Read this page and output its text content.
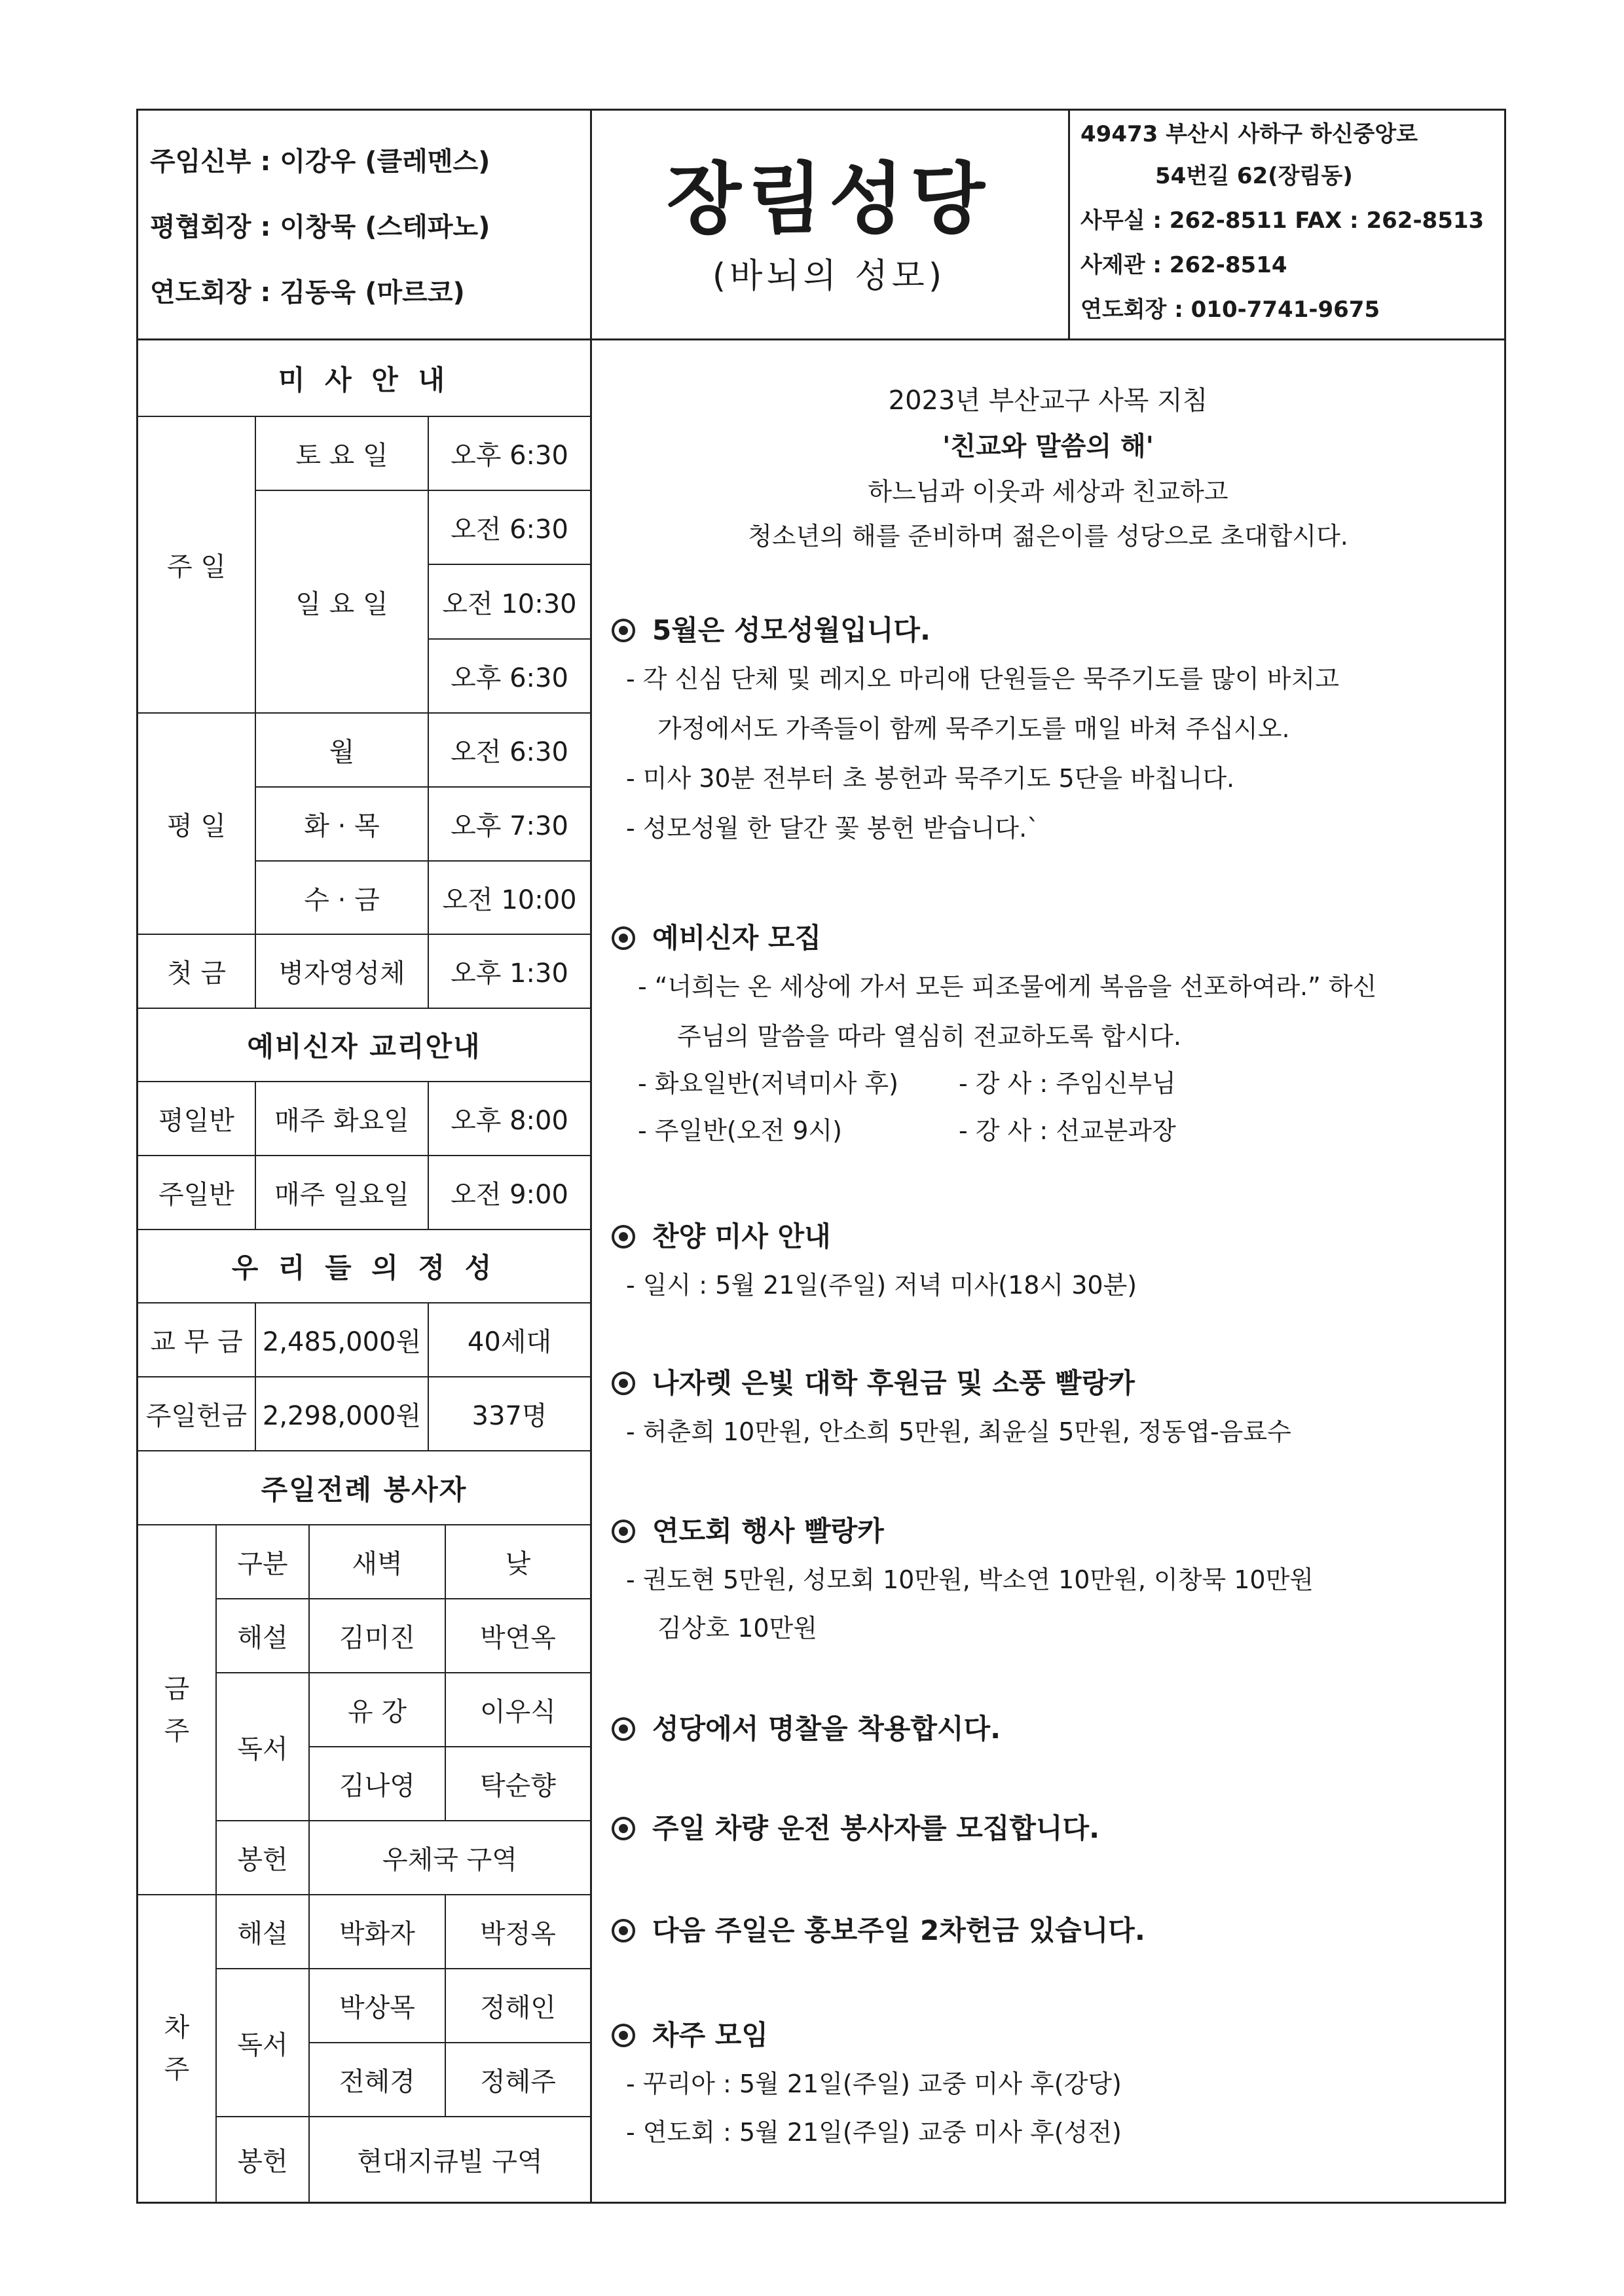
주임신부 : 이강우 (클레멘스)
평협회장 : 이창묵 (스테파노)
연도회장 : 김동욱 (마르코)
장림성당
(바뇌의 성모)
49473 부산시 사하구 하신중앙로
54번길 62(장림동)
사무실 : 262-8511 FAX : 262-8513
사제관 : 262-8514
연도회장 : 010-7741-9675
미 사 안 내
주 일
토 요 일	오후 6:30
일 요 일
오전 6:30
오전 10:30
오후 6:30
평 일
월	오전 6:30
화 · 목	오후 7:30
수 · 금	오전 10:00
첫 금	병자영성체	오후 1:30
예비신자 교리안내
평일반	매주 화요일	오후 8:00
주일반	매주 일요일	오전 9:00
우 리 들 의 정 성
교 무 금 2,485,000원	40세대
주일헌금 2,298,000원	337명
주일전례 봉사자
금
주
구분	새벽	낮
해설	김미진	박연옥
독서
유 강	이우식
김나영	탁순향
봉헌	우체국 구역
차
주
해설	박화자	박정옥
독서
박상목	정해인
전혜경	정혜주
봉헌	현대지큐빌 구역
2023년 부산교구 사목 지침
'친교와 말씀의 해'
하느님과 이웃과 세상과 친교하고
청소년의 해를 준비하며 젊은이를 성당으로 초대합시다.
5월은 성모성월입니다.
- 각 신심 단체 및 레지오 마리애 단원들은 묵주기도를 많이 바치고
가정에서도 가족들이 함께 묵주기도를 매일 바쳐 주십시오.
- 미사 30분 전부터 초 봉헌과 묵주기도 5단을 바칩니다.
- 성모성월 한 달간 꽃 봉헌 받습니다.`
예비신자 모집
- “너희는 온 세상에 가서 모든 피조물에게 복음을 선포하여라.” 하신
주님의 말씀을 따라 열심히 전교하도록 합시다.
- 화요일반(저녁미사 후) - 강 사 : 주임신부님
- 주일반(오전 9시)	- 강 사 : 선교분과장
찬양 미사 안내
- 일시 : 5월 21일(주일) 저녁 미사(18시 30분)
나자렛 은빛 대학 후원금 및 소풍 빨랑카
- 허춘희 10만원, 안소희 5만원, 최윤실 5만원, 정동엽-음료수
연도회 행사 빨랑카
- 권도현 5만원, 성모회 10만원, 박소연 10만원, 이창묵 10만원
김상호 10만원
성당에서 명찰을 착용합시다.
주일 차량 운전 봉사자를 모집합니다.
다음 주일은 홍보주일 2차헌금 있습니다.
차주 모임
- 꾸리아 : 5월 21일(주일) 교중 미사 후(강당)
- 연도회 : 5월 21일(주일) 교중 미사 후(성전)
